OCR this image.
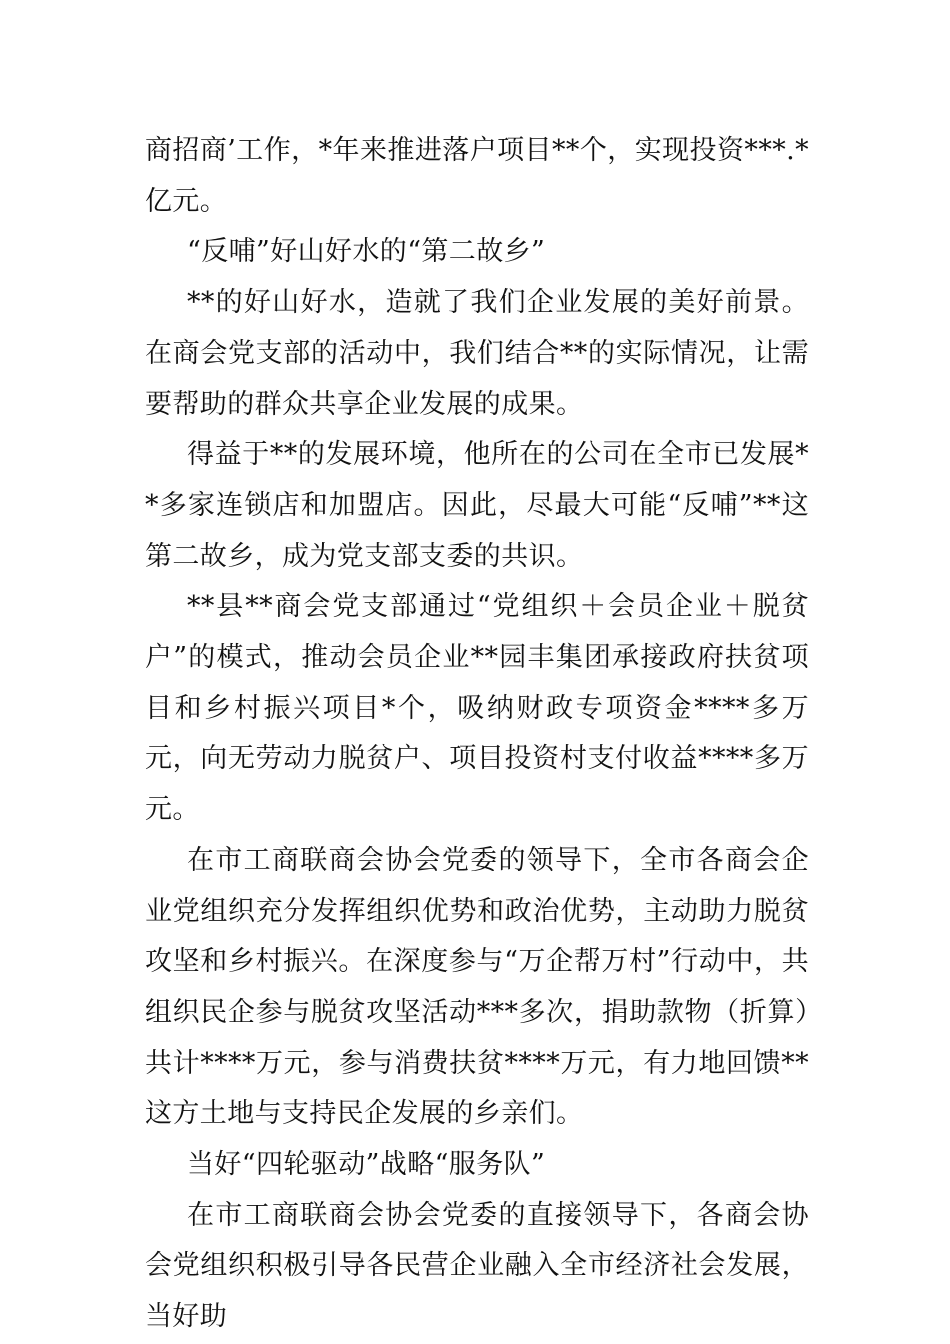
商招商’工作，*年来推进落户项目**个，实现投资***.*亿元。

“反哺”好山好水的“第二故乡”

**的好山好水，造就了我们企业发展的美好前景。在商会党支部的活动中，我们结合**的实际情况，让需要帮助的群众共享企业发展的成果。

得益于**的发展环境，他所在的公司在全市已发展**多家连锁店和加盟店。因此，尽最大可能“反哺”**这第二故乡，成为党支部支委的共识。

**县**商会党支部通过“党组织＋会员企业＋脱贫户”的模式，推动会员企业**园丰集团承接政府扶贫项目和乡村振兴项目*个，吸纳财政专项资金****多万元，向无劳动力脱贫户、项目投资村支付收益****多万元。

在市工商联商会协会党委的领导下，全市各商会企业党组织充分发挥组织优势和政治优势，主动助力脱贫攻坚和乡村振兴。在深度参与“万企帮万村”行动中，共组织民企参与脱贫攻坚活动***多次，捐助款物（折算）共计****万元，参与消费扶贫****万元，有力地回馈**这方土地与支持民企发展的乡亲们。

当好“四轮驱动”战略“服务队”

在市工商联商会协会党委的直接领导下，各商会协会党组织积极引导各民营企业融入全市经济社会发展，当好助
